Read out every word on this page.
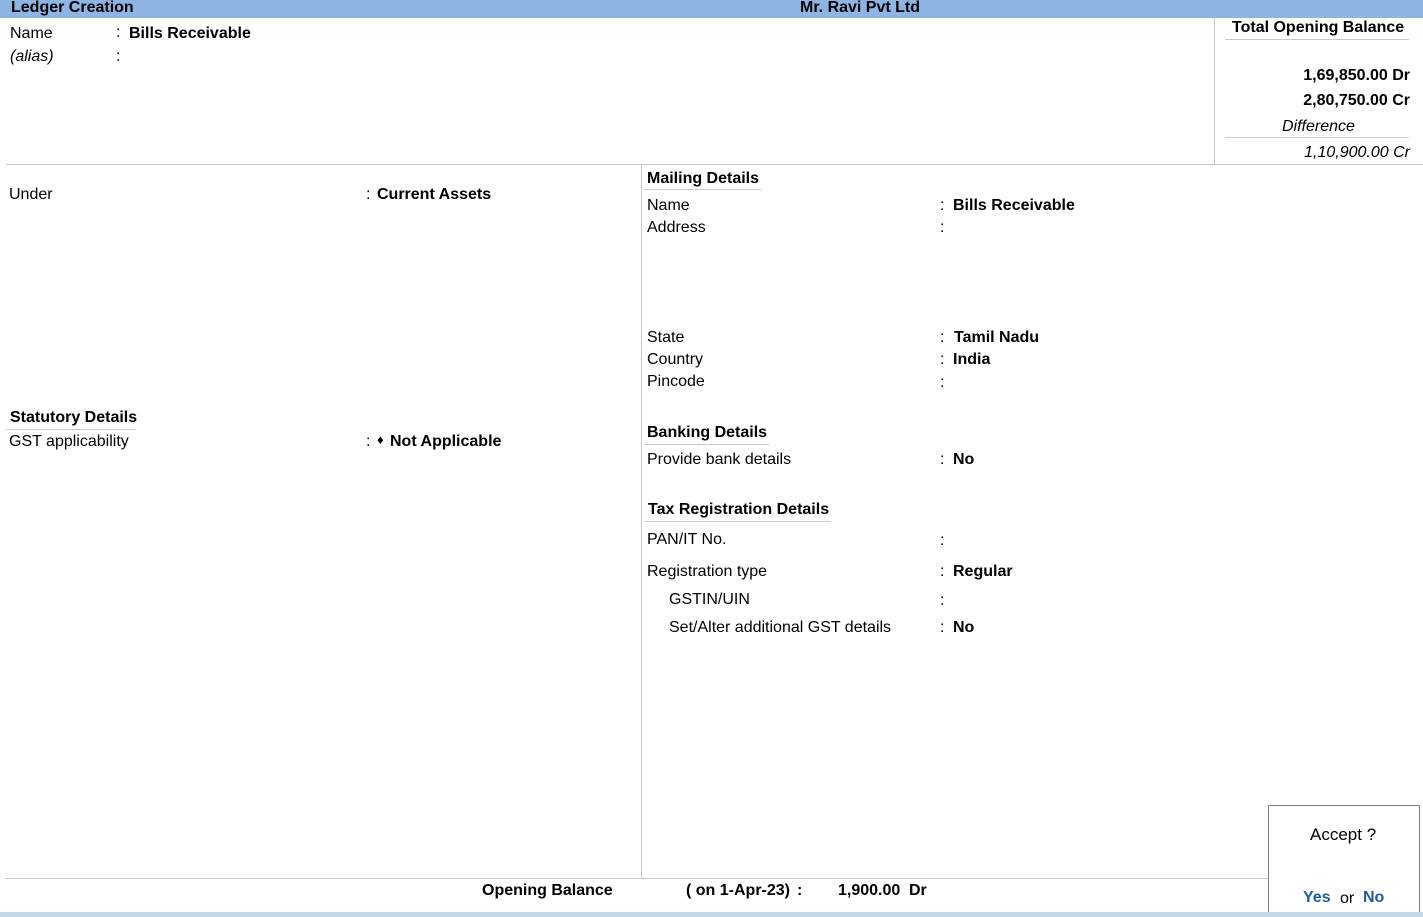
Ledger Creation	Mr. Ravi Pvt Ltd
Name	: Bills Receivable
(alias)	:
Total Opening Balance
1,69,850.00 Dr
2,80,750.00 Cr
Difference
1,10,900.00 Cr
Under	: Current Assets
Statutory Details
GST applicability	: ♦ Not Applicable
Mailing Details
Name	: Bills Receivable
Address	:
State	: Tamil Nadu
Country	: India
Pincode	:
Banking Details
Provide bank details	: No
Tax Registration Details
PAN/IT No.	:
Registration type	: Regular
GSTIN/UIN	:
Set/Alter additional GST details	: No
Opening Balance	( on 1-Apr-23) : 1,900.00 Dr
Accept ?
Yes or No
